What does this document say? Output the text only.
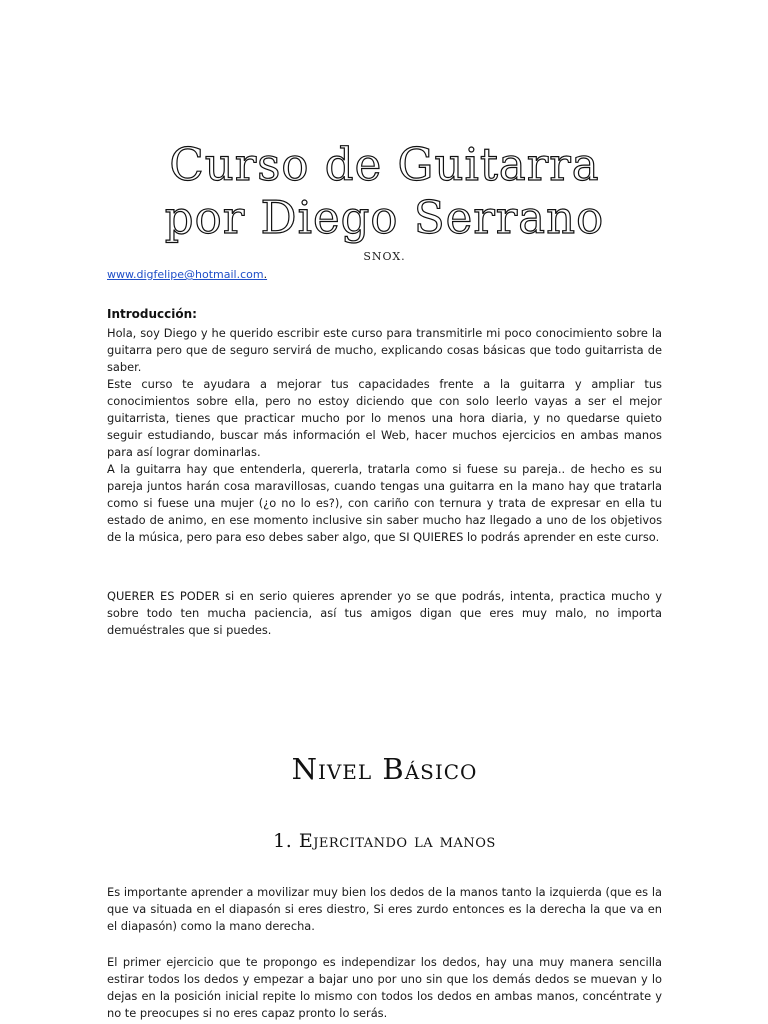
Curso de Guitarra
por Diego Serrano
SNOX.
www.digfelipe@hotmail.com.
Introducción:

Hola, soy Diego y he querido escribir este curso para transmitirle mi poco conocimiento sobre la guitarra pero que de seguro servirá de mucho, explicando cosas básicas que todo guitarrista de saber.

Este curso te ayudara a mejorar tus capacidades frente a la guitarra y ampliar tus conocimientos sobre ella, pero no estoy diciendo que con solo leerlo vayas a ser el mejor guitarrista, tienes que practicar mucho por lo menos una hora diaria, y no quedarse quieto seguir estudiando, buscar más información el Web, hacer muchos ejercicios en ambas manos para así lograr dominarlas.

A la guitarra hay que entenderla, quererla, tratarla como si fuese su pareja.. de hecho es su pareja juntos harán cosa maravillosas, cuando tengas una guitarra en la mano hay que tratarla como si fuese una mujer (¿o no lo es?), con cariño con ternura y trata de expresar en ella tu estado de animo, en ese momento inclusive sin saber mucho haz llegado a uno de los objetivos de la música, pero para eso debes saber algo, que SI QUIERES lo podrás aprender en este curso.

QUERER ES PODER si en serio quieres aprender yo se que podrás, intenta, practica mucho y sobre todo ten mucha paciencia, así tus amigos digan que eres muy malo, no importa demuéstrales que si puedes.

Nivel Básico
1. Ejercitando la manos

Es importante aprender a movilizar muy bien los dedos de la manos tanto la izquierda (que es la que va situada en el diapasón si eres diestro, Si eres zurdo entonces es la derecha la que va en el diapasón) como la mano derecha.

El primer ejercicio que te propongo es independizar los dedos, hay una muy manera sencilla estirar todos los dedos y empezar a bajar uno por uno sin que los demás dedos se muevan y lo dejas en la posición inicial repite lo mismo con todos los dedos en ambas manos, concéntrate y no te preocupes si no eres capaz pronto lo serás.
